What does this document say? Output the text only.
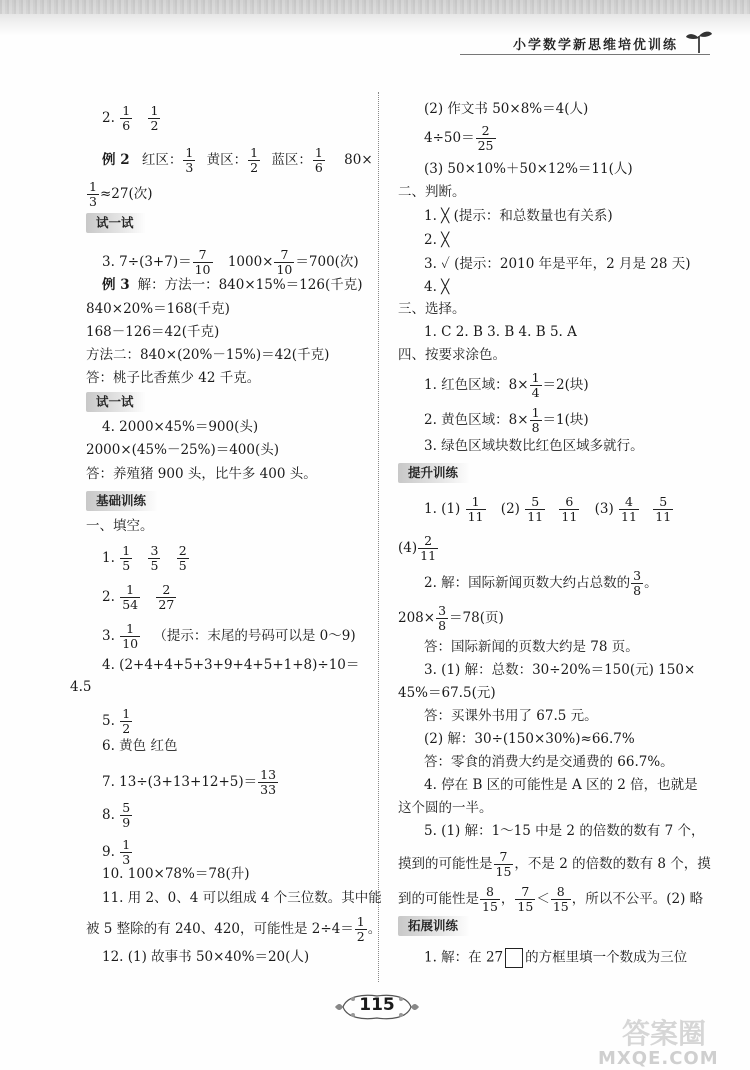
小学数学新思维培优训练
2. $\frac{1}{6}$
$\frac{1}{2}$
例 2 红区： $\frac{1}{3}$ 黄区： $\frac{1}{2}$ 蓝区： $\frac{1}{6} 80\times$
$\frac{1}{3} \approx 27$(次)
试一试
3. $7\div(3+7)= \frac{7}{10} 1000\times \frac{7}{10} =700$(次)
例 3 解：方法一：840×15%＝126(千克)
840×20%＝168(千克)
168－126＝42(千克)
方法二：840×(20%－15%)＝42(千克)
答：桃子比香蕉少 42 千克。
试一试
4. 2000×45%＝900(头)
2000×(45%－25%)＝400(头)
答：养殖猪 900 头，比牛多 400 头。
基础训练
一、填空。
1. $\frac{1}{5}$
$\frac{3}{5}$
$\frac{2}{5}$
2. $\frac{1}{54}$
$\frac{2}{27}$
3. $\frac{1}{10}$ （提示：末尾的号码可以是 0～9)
4. (2+4+4+5+3+9+4+5+1+8)÷10＝
4.5
5. $\frac{1}{2}$
6. 黄色 红色
7. $13\div(3+13+12+5)= \frac{13}{33}$
8. $\frac{5}{9}$
9. $\frac{1}{3}$
10. 100×78%＝78(升)
11. 用 2、0、4 可以组成 4 个三位数。其中能
被 5 整除的有 240、420，可能性是 $2\div 4= \frac{1}{2}$ 。
12. (1) 故事书 50×40%＝20(人)
(2) 作文书 50×8%＝4(人)
$4\div 50= \frac{2}{25}$
(3) 50×10%＋50×12%＝11(人)
二、判断。
1. ╳ (提示：和总数量也有关系)
2. ╳
3. ✓ (提示：2010 年是平年，2 月是 28 天)
4. ╳
三、选择。
1. C 2. B 3. B 4. B 5. A
四、按要求涂色。
1. 红色区域：$8\times \frac{1}{4} =2$(块)
2. 黄色区域：$8\times \frac{1}{8} =1$(块)
3. 绿色区域块数比红色区域多就行。
提升训练
1. $(1) \frac{1}{11} (2) \frac{5}{11}$
$\frac{6}{11} (3) \frac{4}{11}$
$\frac{5}{11}$
$(4) \frac{2}{11}$
2. 解：国际新闻页数大约占总数的 $\frac{3}{8}$ 。
$208\times \frac{3}{8} =78$(页)
答：国际新闻的页数大约是 78 页。
3. (1) 解：总数：30÷20%＝150(元) 150×
45%＝67.5(元)
答：买课外书用了 67.5 元。
(2) 解：30÷(150×30%)≈66.7%
答：零食的消费大约是交通费的 66.7%。
4. 停在 B 区的可能性是 A 区的 2 倍，也就是
这个圆的一半。
5. (1) 解：1～15 中是 2 的倍数的数有 7 个，
摸到的可能性是 $\frac{7}{15}$ ，不是 2 的倍数的数有 8 个，摸
到的可能性是 $\frac{8}{15}$ ， $\frac{7}{15} < \frac{8}{15}$ ，所以不公平。(2) 略
拓展训练
1. 解：在 27 的方框里填一个数成为三位
115
答案圈
MXQE.COM
